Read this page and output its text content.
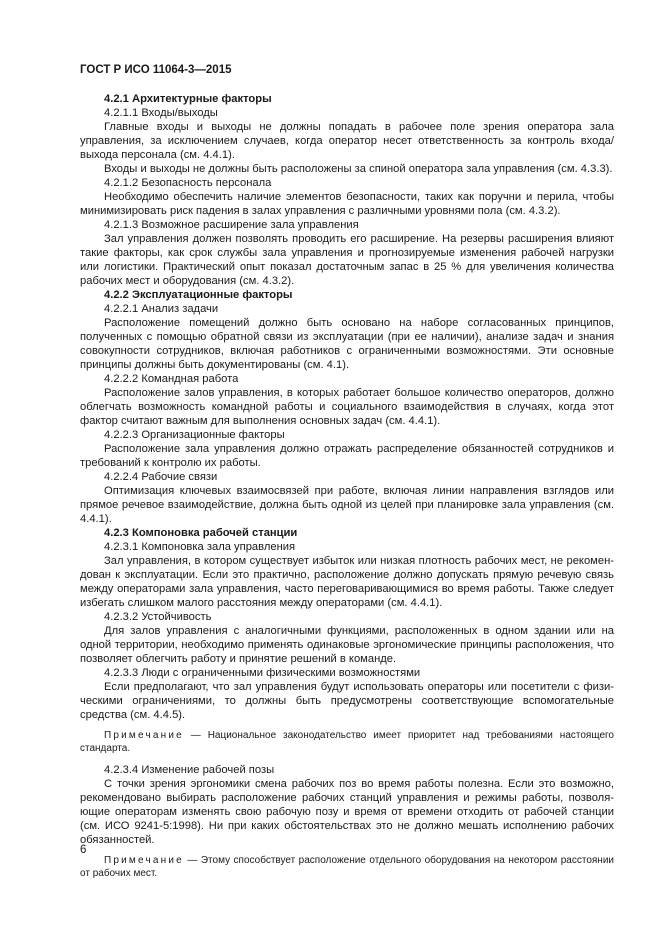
ГОСТ Р ИСО 11064-3—2015

4.2.1 Архитектурные факторы

4.2.1.1 Входы/выходы

Главные входы и выходы не должны попадать в рабочее поле зрения оператора зала управления, за исключением случаев, когда оператор несет ответственность за контроль входа/выхода персонала (см. 4.4.1).

Входы и выходы не должны быть расположены за спиной оператора зала управления (см. 4.3.3).

4.2.1.2 Безопасность персонала

Необходимо обеспечить наличие элементов безопасности, таких как поручни и перила, чтобы минимизировать риск падения в залах управления с различными уровнями пола (см. 4.3.2).

4.2.1.3 Возможное расширение зала управления

Зал управления должен позволять проводить его расширение. На резервы расширения влияют такие факторы, как срок службы зала управления и прогнозируемые изменения рабочей нагрузки или логистики. Практический опыт показал достаточным запас в 25 % для увеличения количества рабочих мест и оборудования (см. 4.3.2).

4.2.2 Эксплуатационные факторы

4.2.2.1 Анализ задачи

Расположение помещений должно быть основано на наборе согласованных принципов, полученных с помощью обратной связи из эксплуатации (при ее наличии), анализе задач и знания совокупности сотрудников, включая работников с ограниченными возможностями. Эти основные принципы должны быть документированы (см. 4.1).

4.2.2.2 Командная работа

Расположение залов управления, в которых работает большое количество операторов, должно облегчать возможность командной работы и социального взаимодействия в случаях, когда этот фактор считают важным для выполнения основных задач (см. 4.4.1).

4.2.2.3 Организационные факторы

Расположение зала управления должно отражать распределение обязанностей сотрудников и требований к контролю их работы.

4.2.2.4 Рабочие связи

Оптимизация ключевых взаимосвязей при работе, включая линии направления взглядов или прямое речевое взаимодействие, должна быть одной из целей при планировке зала управления (см. 4.4.1).

4.2.3 Компоновка рабочей станции

4.2.3.1 Компоновка зала управления

Зал управления, в котором существует избыток или низкая плотность рабочих мест, не рекомендован к эксплуатации. Если это практично, расположение должно допускать прямую речевую связь между операторами зала управления, часто переговаривающимися во время работы. Также следует избегать слишком малого расстояния между операторами (см. 4.4.1).

4.2.3.2 Устойчивость

Для залов управления с аналогичными функциями, расположенных в одном здании или на одной территории, необходимо применять одинаковые эргономические принципы расположения, что позволяет облегчить работу и принятие решений в команде.

4.2.3.3 Люди с ограниченными физическими возможностями

Если предполагают, что зал управления будут использовать операторы или посетители с физическими ограничениями, то должны быть предусмотрены соответствующие вспомогательные средства (см. 4.4.5).

Примечание — Национальное законодательство имеет приоритет над требованиями настоящего стандарта.

4.2.3.4 Изменение рабочей позы

С точки зрения эргономики смена рабочих поз во время работы полезна. Если это возможно, рекомендовано выбирать расположение рабочих станций управления и режимы работы, позволяющие операторам изменять свою рабочую позу и время от времени отходить от рабочей станции (см. ИСО 9241-5:1998). Ни при каких обстоятельствах это не должно мешать исполнению рабочих обязанностей.

Примечание — Этому способствует расположение отдельного оборудования на некотором расстоянии от рабочих мест.

6
